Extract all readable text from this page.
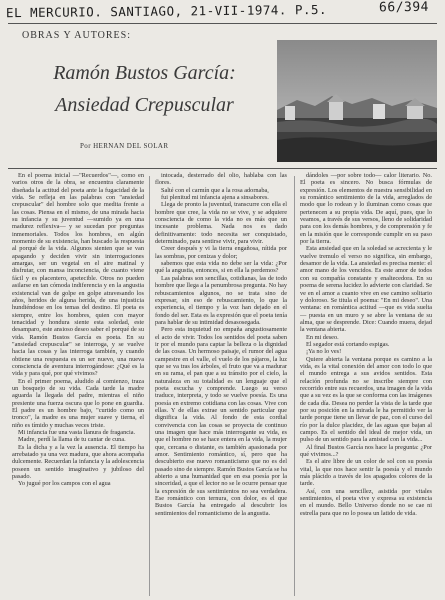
EL MERCURIO. SANTIAGO, 21-VII-1974. P.5.	66/394
OBRAS Y AUTORES:
Ramón Bustos García:
Ansiedad Crepuscular
Por HERNAN DEL SOLAR

En el poema inicial —"Recuerdos"—, como en varios otros de la obra, se encuentra claramente diseñada la actitud del poeta ante la fugacidad de la vida. Se refleja en las palabras con "ansiedad crepuscular" del hombre solo que medita frente a las cosas. Piensa en el mismo, de una mirada hacia su infancia y su juventud —sumido ya en una madurez reflexiva— y se sucedan por preguntas inmemoriales. Todos los hombres, en algún momento de su existencia, han buscado la respuesta al porqué de la vida. Algunos sienten que se van apagando y deciden vivir sin interrogaciones amargas, ser un vegetal en el aire matinal y disfrutar, con mansa inconciencia, de cuanto viene fácil y es placentero, apetecible. Otros no pueden asilarse en tan cómoda indiferencia y en la angustia existencial van de golpe en golpe atravesando los años, heridos de alguna herida, de una injusticia hundiéndose en los temas del destino. El poeta es siempre, entre los hombres, quien con mayor tenacidad y hondura siente esta soledad, este desamparo, este ansioso deseo saber el porqué de su vida. Ramón Bustos García es poeta. En su "ansiedad crepuscular" se interroga, y se vuelve hacia las cosas y las interroga también, y cuando obtiene una respuesta es un ser nuevo, una nueva consciencia de aventura interrogándose: ¿Qué es la vida y para qué, por qué vivimos?

En el primer poema, aludido al comienzo, traza un bosquejo de su vida. Cada tarde la madre aguarda la llegada del padre, mientras el niño presiente una fuerza oscura que lo pone en guardia. El padre es un hombre bajo, "curtido como un tronco", la madre es una mujer suave y tierna, el niño es tímido y muchas veces triste.

Mi infancia fue una vasta llanura de fragancia.

Madre, perdí la llama de tu cantar de cuna.

Es la dicha y a la vez la ausencia. El tiempo ha arrebatado ya una vez madura, que ahora acompaña dulcemente. Recuerdan la infancia y la adolescencia poseen un sentido imaginativo y jubiloso del pasado.

Yo jugué por los campos con el agua

intocada, desterrado del olio, hablaba con las flores.

Salté con el carmín que a la rosa adornaba,

fui plenitud mi infancia ajena a sinsabores.

Llega de pronto la juventud, transcurre con ella el hombre que cree, la vida no se vive, y se adquiere consciencia de como la vida no es más que un incesante problema. Nada nos es dado definitivamente: todo necesita ser conquistado, determinado, para sentirse vivir, para vivir.

Creer después y vi la tierra engañosa, nítida por las sombras, por cenizas y dolor;

sabemos que esta vida no debe ser la vida: ¿Por qué la angustia, entonces, si en ella la perdemos?

Las palabras son sencillas, cotidianas, las de todo hombre que llega a la penumbrosa pregunta. No hay rebuscamientos algunos, no se trata sino de expresar, sin eso de rebuscamiento, lo que la experiencia, el tiempo y la voz han dejado en el fondo del ser. Esta es la expresión que el poeta tenía para hablar de su intimidad desasosegada.

Pero esta inquietud no empaña angustiosamente el acto de vivir. Todos los sentidos del poeta saben ir por el mundo para captar la belleza o la dignidad de las cosas. Un hermoso paisaje, el rumor del agua campestre en el valle, el vuelo de los pájaros, la luz que se va tras los árboles, el fruto que va a madurar en su rama, el pan que a su tránsito por el cielo, la naturaleza en su totalidad es un lenguaje que el poeta escucha y comprende. Luego su verso traduce, interpreta, y todo se vuelve poesía. Es una poesía en extremo cotidiana con las cosas. Vive con ellas. Y de ellas extrae un sentido particular que dignifica la vida. Al fondo de esta cordial convivencia con las cosas se proyecta de continuo una imagen que hace más interrogante su vida, es que el hombre no se hace entera en la vida, la mujer que, cercana o distante, es también apasionada por amor. Sentimiento romántico, sí, pero que ha descubierto ese nuevo romanticismo que no es del pasado sino de siempre. Ramón Bustos García se ha abierto a una humanidad que en esa poesía por la sinceridad, a que el lector no se le ocurre pensar que la expresión de sus sentimientos no sea verdadera. Ese romántico con ternura, con dolor, es el que Bustos García ha entregado al descubrir los sentimientos del romanticismo de la angustia.

dándoles —por sobre todo— calor literario. No. El poeta es sincero. No busca fórmulas de expresión. Los elementos de nuestra sensibilidad en su romántico sentimiento de la vida, arreglados de modo que lo rodean y lo iluminan como cosas que pertenecen a su propia vida. De aquí, pues, que lo veamos, a través de sus versos, lleno de solidaridad para con los demás hombres, y de comprensión y fe en la misión que le corresponde cumplir en su paso por la tierra.

Esta ansiedad que en la soledad se acrecienta y le vuelve tremulo el verso no significa, sin embargo, desamor de la vida. La ansiedad es precisa mente: el amor mano de los vencidos. Es este amor de todos con su compañía constante y enaltecedora. En su poema de serena lucidez lo advierte con claridad. Se ve en el amor a cuanto vive en ese camino solitario y doloroso. Se titula el poema: "En mi deseo". Una ventana: en romántica actitud —que es vida suelta— puesta en un muro y se abre la ventana de su alma, que se desprende. Dice: Cuando muera, dejad la ventana abierta.

En mi deseo.

El segador está cortando espigas.

¡Ya no lo ves!

Quiere abierta la ventana porque es camino a la vida, es la vital conexión del amor con todo lo que el mundo entrega a sus avidos sentidos. Esta relación profunda no se inscribe siempre con recorrido entre sus recuerdos, una imagen de la vida que a su vez es la que se conforma con las imágenes de cada día. Desea no perder la vista de la tarde que por su posición en la mirada le ha permitido ver la tarde porque tiene un llevar de paz, con el curso del río por la dulce placidez, de las aguas que bajan al campo. Es el sentido del ideal de mejor vida, un pulso de un sentido para la amistad con la vida...

Al final Bustos García nos hace la pregunta: ¿Por qué vivimos...?

Es el aire libre de un color de sol con su poesía vital, la que nos hace sentir la poesía y el mundo más plácido a través de los apagados colores de la tarde.

Así, con una sencillez, asistida por vitales sentimientos, el poeta vive y expresa su existencia en el mundo. Bello Universo donde no se cae ni estrella para que no lo posea un latido de vida.
